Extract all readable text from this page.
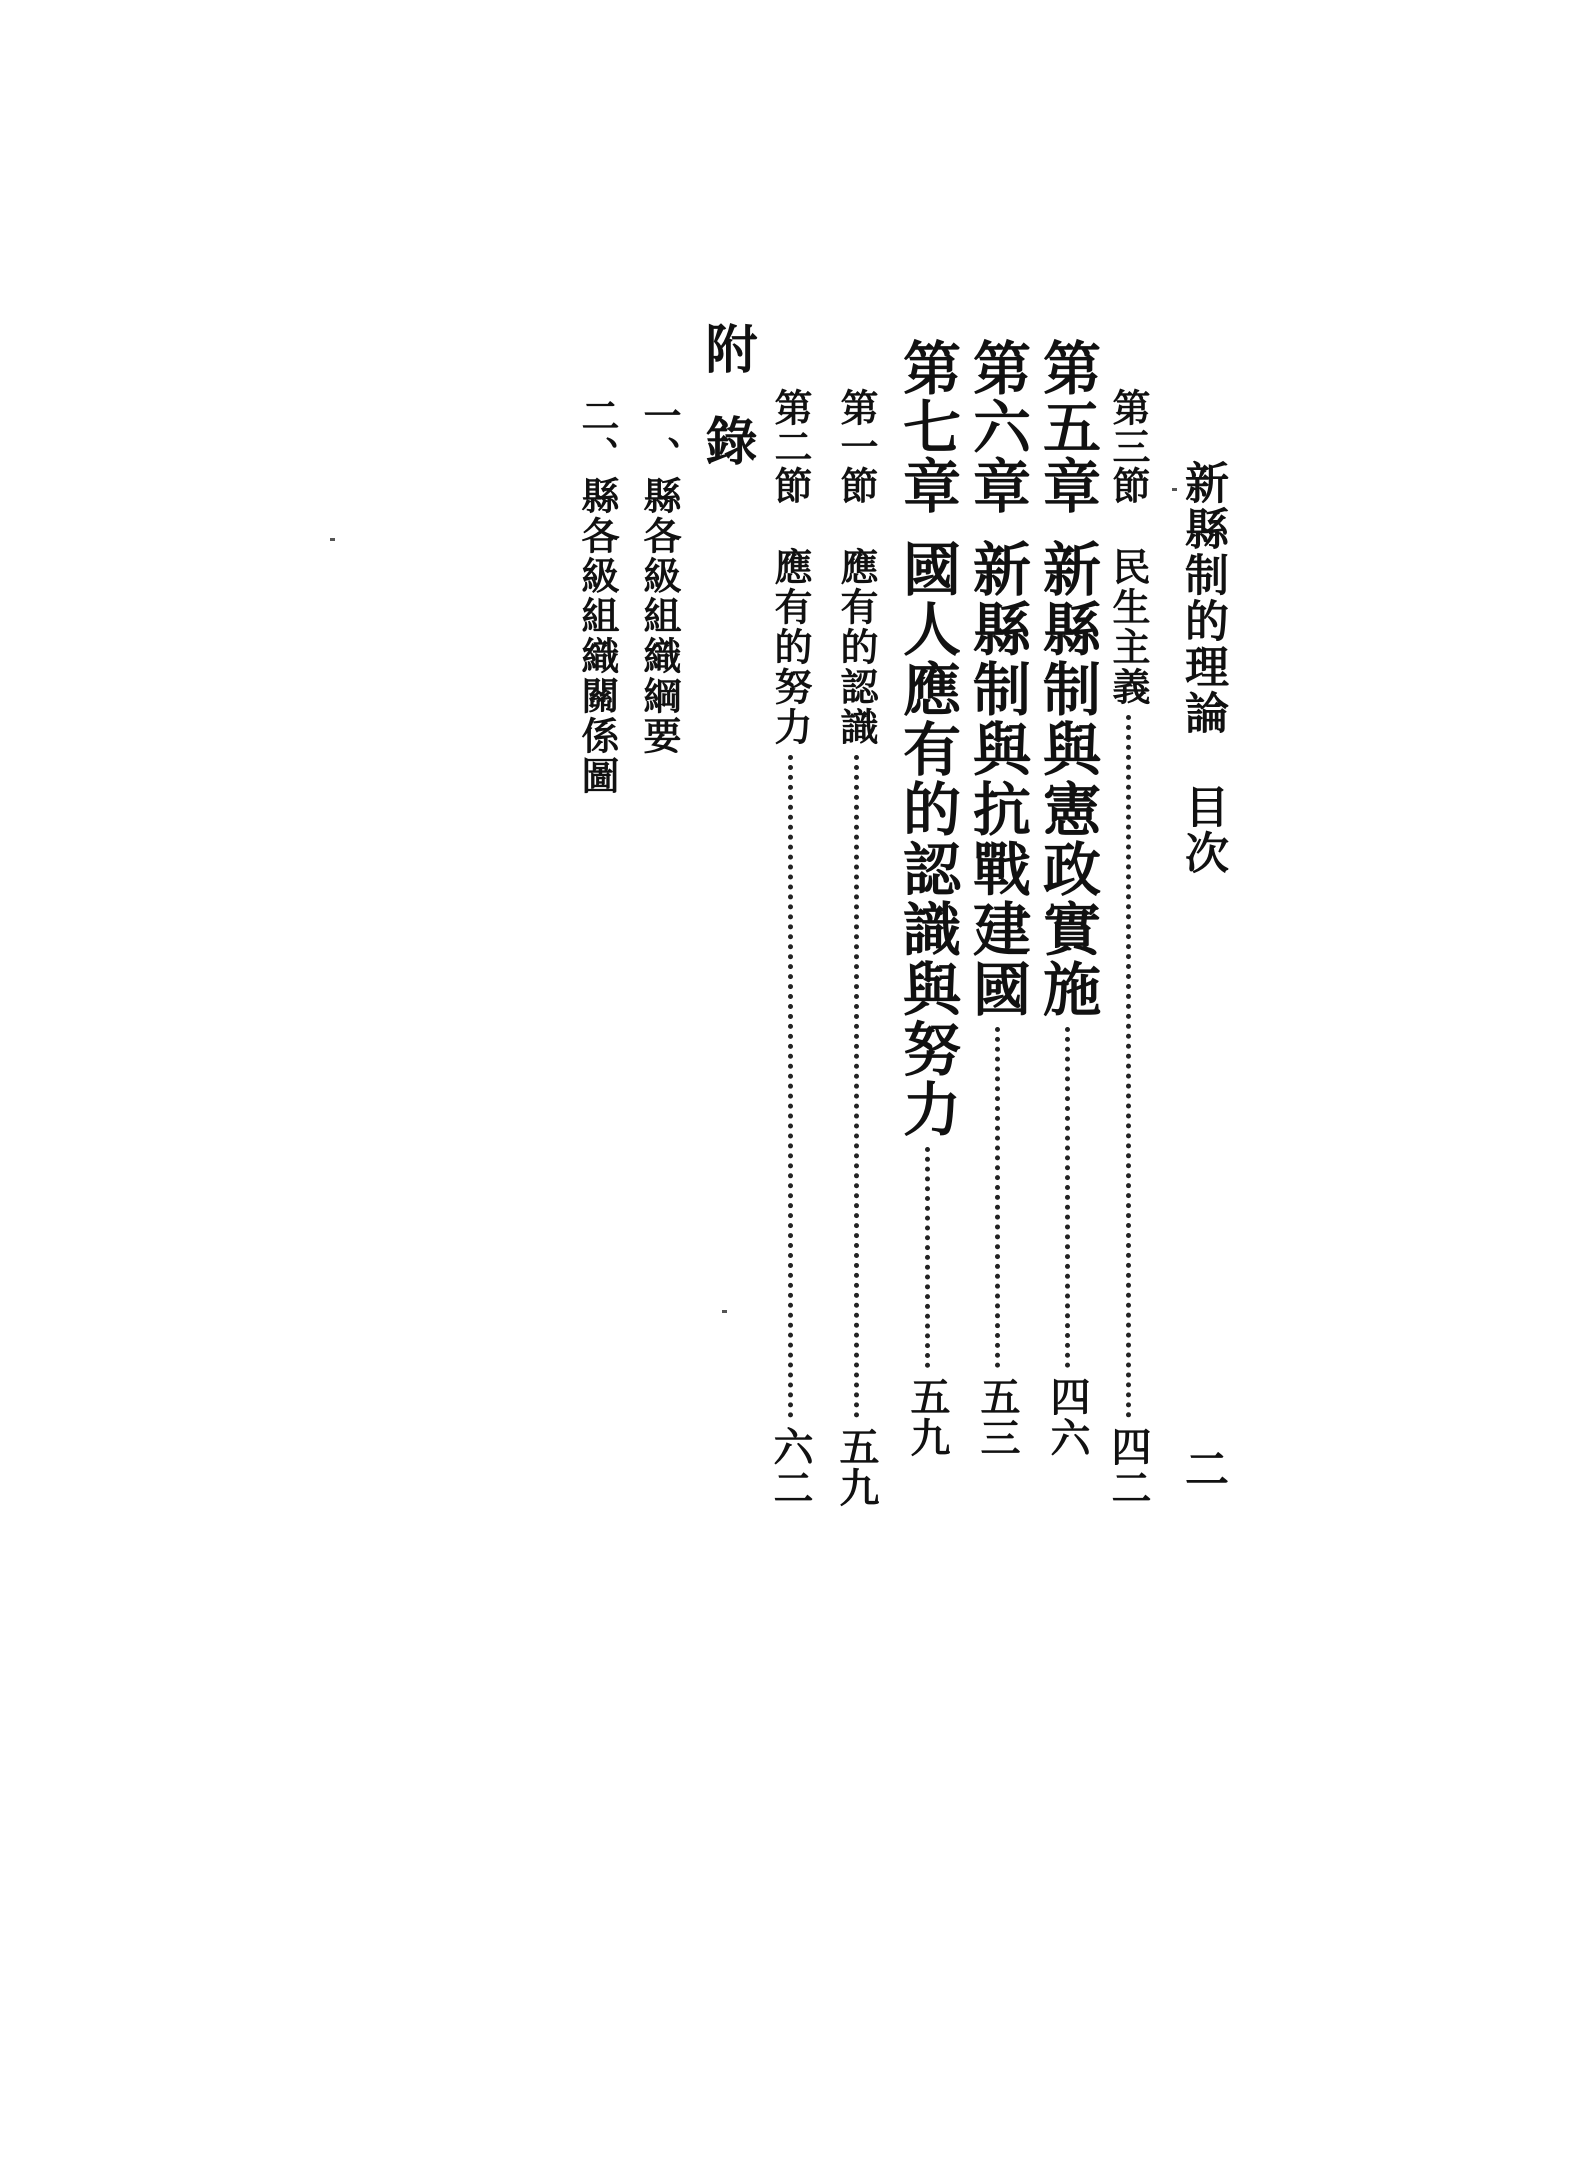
新縣制的理論
目次
二
第三節
民生主義
四二
第五章
新縣制與憲政實施
四六
第六章
新縣制與抗戰建國
五三
第七章
國人應有的認識與努力
五九
第一節
應有的認識
五九
第二節
應有的努力
六二
附錄
一、縣各級組織綱要
二、縣各級組織關係圖
